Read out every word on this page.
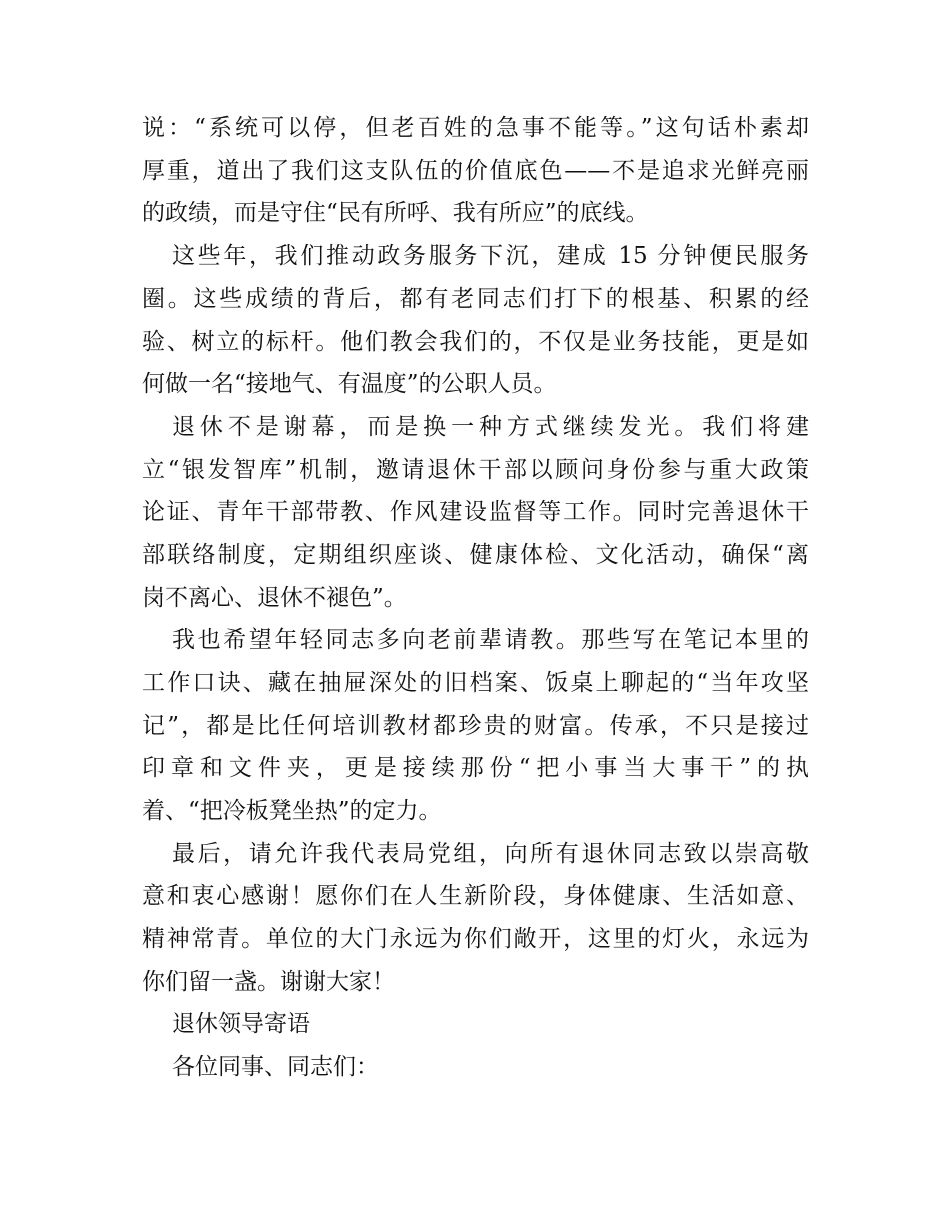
说：“系统可以停，但老百姓的急事不能等。”这句话朴素却
厚重，道出了我们这支队伍的价值底色——不是追求光鲜亮丽
的政绩，而是守住“民有所呼、我有所应”的底线。
这些年，我们推动政务服务下沉，建成 15 分钟便民服务
圈。这些成绩的背后，都有老同志们打下的根基、积累的经
验、树立的标杆。他们教会我们的，不仅是业务技能，更是如
何做一名“接地气、有温度”的公职人员。
退休不是谢幕，而是换一种方式继续发光。我们将建
立“银发智库”机制，邀请退休干部以顾问身份参与重大政策
论证、青年干部带教、作风建设监督等工作。同时完善退休干
部联络制度，定期组织座谈、健康体检、文化活动，确保“离
岗不离心、退休不褪色”。
我也希望年轻同志多向老前辈请教。那些写在笔记本里的
工作口诀、藏在抽屉深处的旧档案、饭桌上聊起的“当年攻坚
记”，都是比任何培训教材都珍贵的财富。传承，不只是接过
印章和文件夹，更是接续那份“把小事当大事干”的执
着、“把冷板凳坐热”的定力。
最后，请允许我代表局党组，向所有退休同志致以崇高敬
意和衷心感谢！愿你们在人生新阶段，身体健康、生活如意、
精神常青。单位的大门永远为你们敞开，这里的灯火，永远为
你们留一盏。谢谢大家！
退休领导寄语
各位同事、同志们：
